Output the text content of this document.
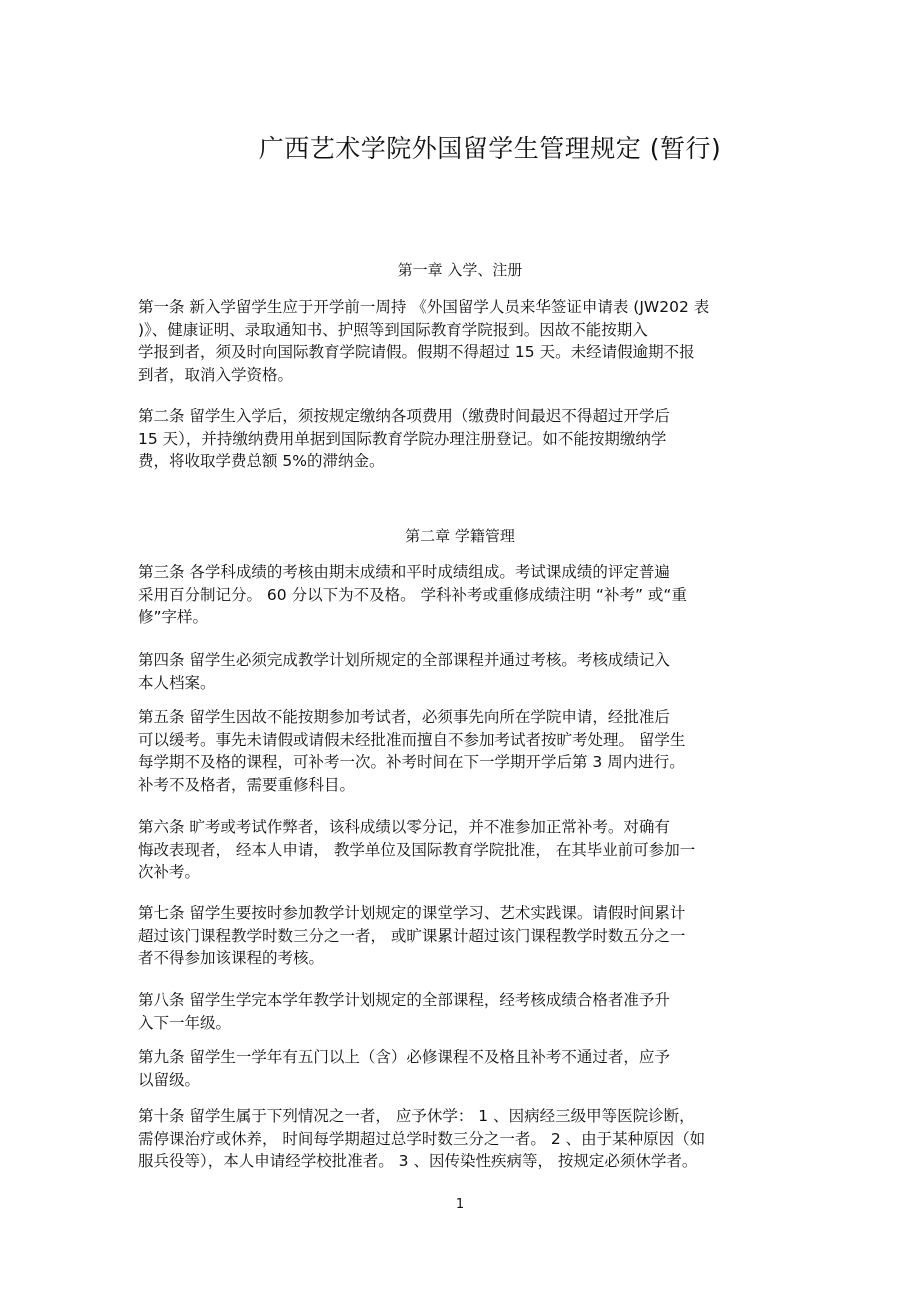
广西艺术学院外国留学生管理规定 (暂行)
第一章 入学、注册
第一条 新入学留学生应于开学前一周持 《外国留学人员来华签证申请表 (JW202 表
)》、健康证明、录取通知书、护照等到国际教育学院报到。因故不能按期入
学报到者，须及时向国际教育学院请假。假期不得超过 15 天。未经请假逾期不报
到者，取消入学资格。
第二条 留学生入学后，须按规定缴纳各项费用（缴费时间最迟不得超过开学后
15 天），并持缴纳费用单据到国际教育学院办理注册登记。如不能按期缴纳学
费，将收取学费总额 5%的滞纳金。
第二章 学籍管理
第三条 各学科成绩的考核由期末成绩和平时成绩组成。考试课成绩的评定普遍
采用百分制记分。 60 分以下为不及格。 学科补考或重修成绩注明 “补考” 或“重
修”字样。
第四条 留学生必须完成教学计划所规定的全部课程并通过考核。考核成绩记入
本人档案。
第五条 留学生因故不能按期参加考试者，必须事先向所在学院申请，经批准后
可以缓考。事先未请假或请假未经批准而擅自不参加考试者按旷考处理。 留学生
每学期不及格的课程，可补考一次。补考时间在下一学期开学后第 3 周内进行。
补考不及格者，需要重修科目。
第六条 旷考或考试作弊者，该科成绩以零分记，并不准参加正常补考。对确有
悔改表现者， 经本人申请， 教学单位及国际教育学院批准， 在其毕业前可参加一
次补考。
第七条 留学生要按时参加教学计划规定的课堂学习、艺术实践课。请假时间累计
超过该门课程教学时数三分之一者， 或旷课累计超过该门课程教学时数五分之一
者不得参加该课程的考核。
第八条 留学生学完本学年教学计划规定的全部课程，经考核成绩合格者准予升
入下一年级。
第九条 留学生一学年有五门以上（含）必修课程不及格且补考不通过者，应予
以留级。
第十条 留学生属于下列情况之一者， 应予休学： 1 、因病经三级甲等医院诊断，
需停课治疗或休养， 时间每学期超过总学时数三分之一者。 2 、由于某种原因（如
服兵役等），本人申请经学校批准者。 3 、因传染性疾病等， 按规定必须休学者。
1
